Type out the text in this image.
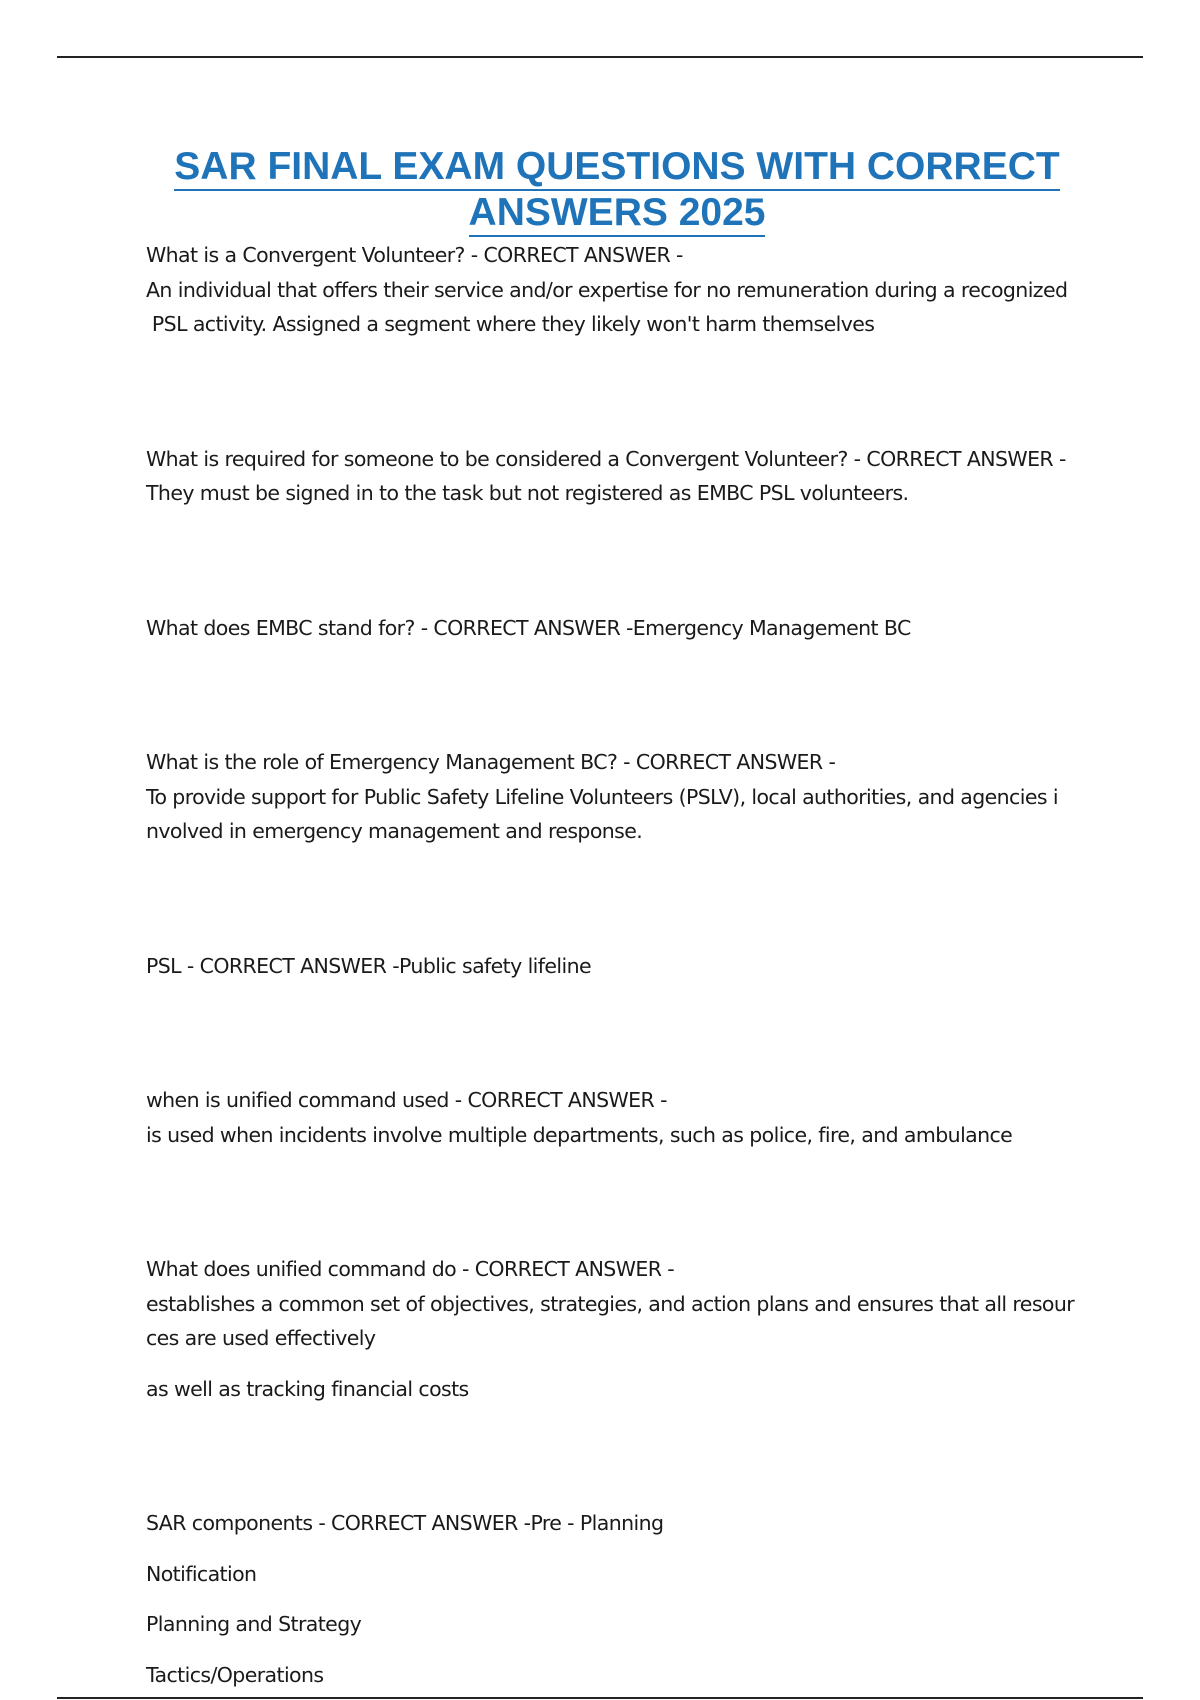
SAR FINAL EXAM QUESTIONS WITH CORRECT
ANSWERS 2025
What is a Convergent Volunteer? - CORRECT ANSWER -
An individual that offers their service and/or expertise for no remuneration during a recognized
PSL activity. Assigned a segment where they likely won't harm themselves
What is required for someone to be considered a Convergent Volunteer? - CORRECT ANSWER -
They must be signed in to the task but not registered as EMBC PSL volunteers.
What does EMBC stand for? - CORRECT ANSWER -Emergency Management BC
What is the role of Emergency Management BC? - CORRECT ANSWER -
To provide support for Public Safety Lifeline Volunteers (PSLV), local authorities, and agencies i
nvolved in emergency management and response.
PSL - CORRECT ANSWER -Public safety lifeline
when is unified command used - CORRECT ANSWER -
is used when incidents involve multiple departments, such as police, fire, and ambulance
What does unified command do - CORRECT ANSWER -
establishes a common set of objectives, strategies, and action plans and ensures that all resour
ces are used effectively
as well as tracking financial costs
SAR components - CORRECT ANSWER -Pre - Planning
Notification
Planning and Strategy
Tactics/Operations
